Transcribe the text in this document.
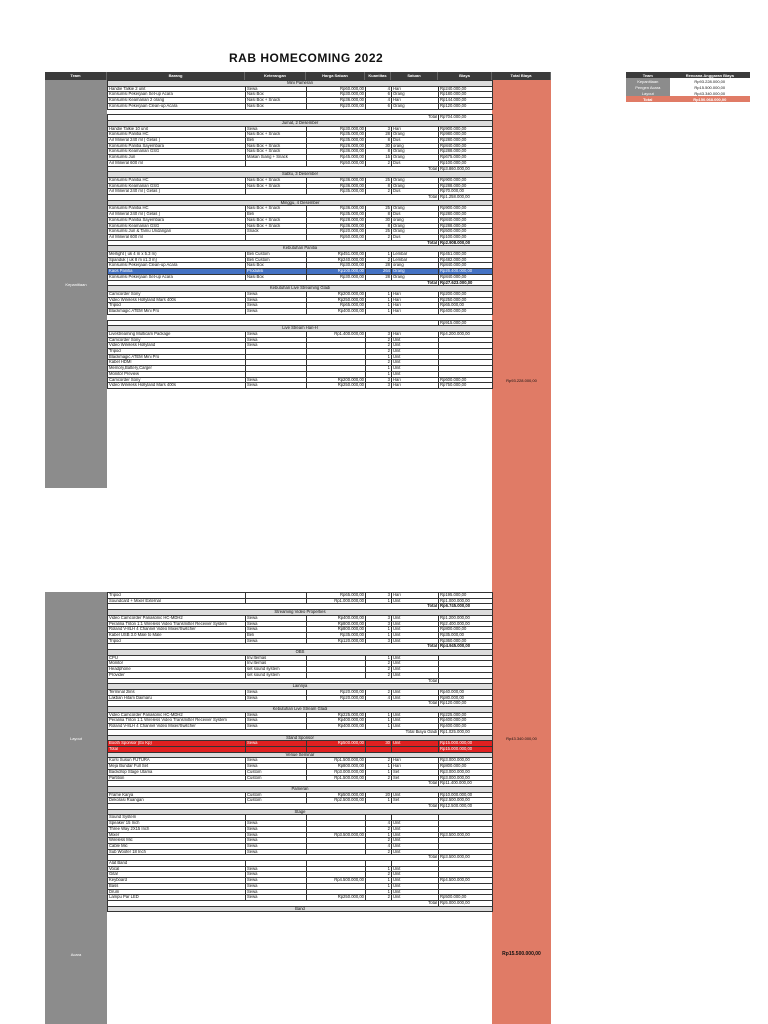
RAB HOMECOMING 2022
Team	Barang	Keterangan	Harga Satuan	Kuantitas	Satuan	Biaya	Total Biaya
Kepanitiaan
Rp93.228.000,00
Mini Pameran					
Handie Talkie 2 unit	Sewa	Rp60.000,00	4	Hari	Rp240.000,00
Konsumsi Pekerjaan Set-up Acara	Nasi Box	Rp30.000,00	6	Orang	Rp180.000,00
Konsumsi Keamanan 2 orang	Nasi Box + Snack	Rp36.000,00	4	Hari	Rp144.000,00
Konsumsi Pekerjaan Clean-up Acara	Nasi Box	Rp20.000,00	6	Orang	Rp120.000,00

Total					Rp704.000,00
Jumat, 2 Desember					
Handie Talkie 10 unit	Sewa	Rp30.000,00	3	Hari	Rp900.000,00
Konsumsi Panitia HC	Nasi Box + Snack	Rp35.000,00	28	Orang	Rp980.000,00
Air Mineral 240 ml ( Gelas )	Beli	Rp35.000,00	8	Dus	Rp280.000,00
Konsumsi Panitia Sayembara	Nasi Box + Snack	Rp26.000,00	30	orang	Rp840.000,00
Konsumsi Keamanan GSG	Nasi Box + Snack	Rp36.000,00	8	Orang	Rp288.000,00
Konsumsi Juri	Makan Siang + Snack	Rp45.000,00	15	Orang	Rp675.000,00
Air Mineral 600 ml		Rp50.000,00	2	Dus	Rp100.000,00
Total					Rp3.860.000,00
Sabtu, 3 Desember					
Konsumsi Panitia HC	Nasi Box + Snack	Rp36.000,00	25	Orang	Rp900.000,00
Konsumsi Keamanan GSG	Nasi Box + Snack	Rp36.000,00	8	Orang	Rp288.000,00
Air Mineral 240 ml ( Gelas )		Rp35.000,00	2	Dus	Rp70.000,00
Total					Rp1.258.000,00
Minggu, 4 Desember					
Konsumsi Panitia HC	Nasi Box + Snack	Rp36.000,00	25	Orang	Rp900.000,00
Air Mineral 240 ml ( Gelas )	Beli	Rp35.000,00	8	Dus	Rp280.000,00
Konsumsi Panitia Sayembara	Nasi Box + Snack	Rp28.000,00	30	orang	Rp840.000,00
Konsumsi Keamanan GSG	Nasi Box + Snack	Rp36.000,00	8	Orang	Rp288.000,00
Konsumsi Juri & Tamu Undangan	Snack	Rp20.000,00	25	Orang	Rp500.000,00
Air Mineral 600 ml		Rp50.000,00	2	Dus	Rp100.000,00
Total					Rp2.908.000,00
Kebutuhan Panitia					
Merlight ( uk 4 m x 5.3 m)	Beli Custom	Rp451.000,00	1	Lembar	Rp451.000,00
Spanduk ( uk 8 m x1.3 m)	Beli Custom	Rp240.000,00	2	Lembar	Rp482.000,00
Konsumsi Pekerjaan Clean-up Acara	Nasi Box	Rp30.000,00	28	orang	Rp840.000,00
Kaos Panitia	Produksi	Rp100.000,00	264	Orang	Rp26.400.000,00
Konsumsi Pekerjaan Set-up Acara	Nasi Box	Rp30.000,00	28	Orang	Rp840.000,00
Total					Rp27.623.000,00
Kebutuhan Live Streaming Gladi					
Camcorder Sony	Sewa	Rp200.000,00	1	Hari	Rp200.000,00
Video Wireless Hollyland Mars 400s	Sewa	Rp250.000,00	1	Hari	Rp250.000,00
Tripod	Sewa	Rp65.000,00	1	Hari	Rp65.000,00
Blackmagic ATEM Mini Pro	Sewa	Rp400.000,00	1	Hari	Rp400.000,00

					Rp915.000,00
Live Stream Hari-H					
Livestreaming Multicam Package	Sewa	Rp1.400.000,00	3	Hari	Rp4.200.000,00
Camcorder Sony	Sewa		2	Unit	
Video Wireless Hollyland	Sewa		2	Unit	
Tripod			2	Unit	
Blackmagic ATEM Mini Pro			1	Unit	
Kabel HDMI			2	Unit	
Memory,Battery,Carger			1	Unit	
Monitor Preview			1	Unit	
Camcorder Sony	Sewa	Rp200.000,00	3	Hari	Rp600.000,00
Video Wireless Hollyland Mars 400s	Sewa	Rp250.000,00	3	Hari	Rp750.000,00
Layout
Acara
Rp43.340.000,00
Rp15.500.000,00
Tripod		Rp65.000,00	3	Hari	Rp195.000,00
Soundcard + Mixer External		Rp1.000.000,00	1	Unit	Rp1.000.000,00
Total					Rp6.745.000,00
Streaming Video Properties					
Video Camcorder Panasonic HC-MDH2	Sewa	Rp400.000,00	3	Unit	Rp1.200.000,00
Peralina Triton 1:1 Wireless Video Transmitter Receiver System	Sewa	Rp800.000,00	3	Unit	Rp2.400.000,00
Roland V-8LH 4 Channel Video Mixer/Switcher	Sewa	Rp800.000,00	1	Unit	Rp800.000,00
Kabel USB 3.0 Male to Male	Beli	Rp35.000,00	1	Unit	Rp35.000,00
Tripod	Sewa	Rp120.000,00	3	Unit	Rp360.000,00
Total					Rp4.945.000,00
OBS					
CPU	Inv.Iternas		1	Unit	
Monitor	Inv.Iternas		2	Unit	
Headphone	set sound system		2	Unit	
Provider	set sound system		2	Unit	
Total					
Lainnya					
Terminal 2lins	Sewa	Rp20.000,00	2	Unit	Rp40.000,00
Lakban Hitam Daimaru	Sewa	Rp20.000,00	4	Unit	Rp80.000,00
Total					Rp120.000,00
Kebutuhan Live Stream Gladi					
Video Camcorder Panasonic HC-MDH2	Sewa	Rp225.000,00	1	Unit	Rp225.000,00
Peralina Triton 1:1 Wireless Video Transmitter Receiver System	Sewa	Rp400.000,00	1	Unit	Rp400.000,00
Roland V-8LH 4 Channel Video Mixer/Switcher	Sewa	Rp400.000,00	1	Unit	Rp400.000,00
Total Biaya Gladi					Rp1.025.000,00
Stand Sponsor					
Booth Sponsor (Ex Kp)	Sewa	Rp500.000,00	30	Unit	Rp15.000.000,00
Total					Rp15.000.000,00
Venue Seminar					
Kursi Susun FUTURA	Sewa	Rp1.500.000,00	2	Hari	Rp3.000.000,00
Meja Bundar Full Set	Sewa	Rp800.000,00	1	Hari	Rp800.000,00
Backdrop Stage Utama	Custom	Rp3.000.000,00	1	Set	Rp3.000.000,00
Partition	Custom	Rp1.500.000,00	2	Set	Rp3.000.000,00
Total					Rp11.400.000,00
Pameran					
Frame Karya	Custom	Rp500.000,00	20	Unit	Rp10.000.000,00
Dekorasi Ruangan	Custom	Rp2.500.000,00	1	Set	Rp2.500.000,00
Total					Rp12.500.000,00
Stage					
Sound System					
Speaker 15 Inch	Sewa		4	Unit	
Three Way 2X15 Inch	Sewa		2	Unit	
Mixer	Sewa	Rp3.500.000,00	1	Unit	Rp3.500.000,00
Wireless Mic	Sewa		2	Unit	
Cable Mic	Sewa		4	Unit	
Sub Woofer 18 Inch	Sewa		2	Unit	
Total					Rp3.500.000,00
Alat Band					
Vocal	Sewa		1	Unit	
Gitar	Sewa		2	Unit	
Keyboard	Sewa	Rp4.500.000,00	1	Unit	Rp4.500.000,00
Bass	Sewa		1	Unit	
Drum	Sewa		1	Unit	
Lampu Par LED	Sewa	Rp250.000,00	2	Unit	Rp500.000,00
Total					Rp5.000.000,00
Band					
Team	Rencana Anggaran Biaya
Kepanitiaan	Rp93.228.000,00
Pengen Acara	Rp15.500.000,00
Layout	Rp43.340.000,00
Total	Rp150.068.000,00
